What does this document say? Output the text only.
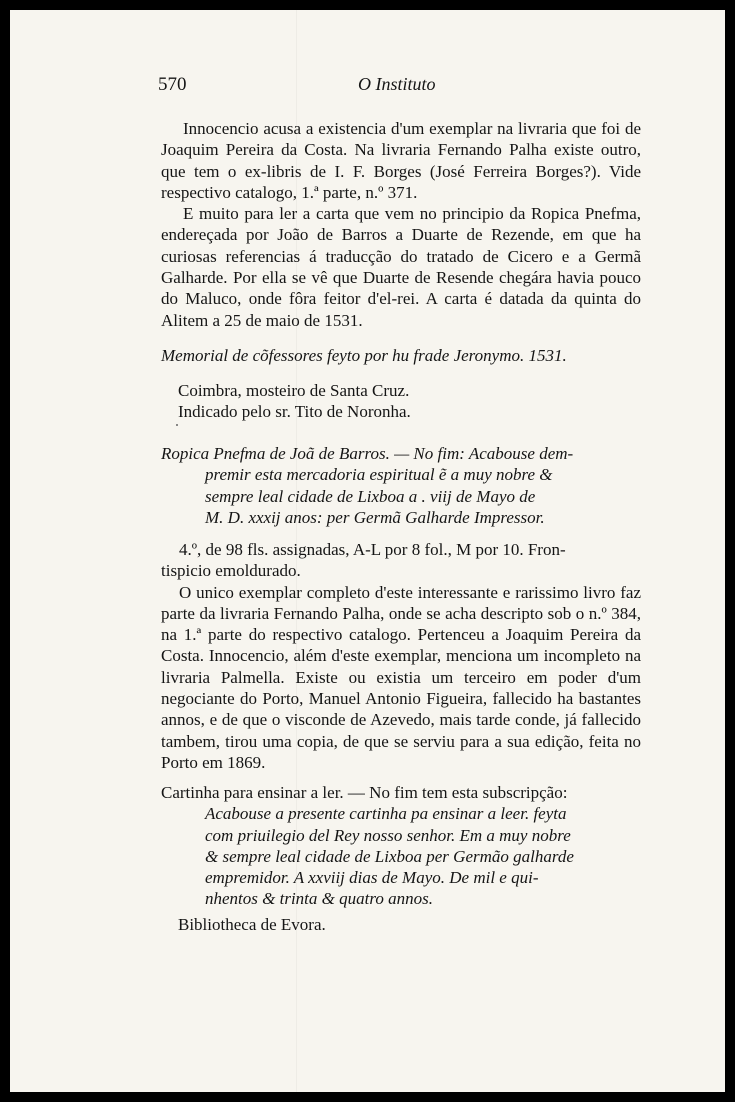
570	O Instituto

Innocencio acusa a existencia d'um exemplar na livraria que foi de Joaquim Pereira da Costa. Na livraria Fernando Palha existe outro, que tem o ex-libris de I. F. Borges (José Ferreira Borges?). Vide respectivo catalogo, 1.ª parte, n.º 371.

E muito para ler a carta que vem no principio da Ropica Pnefma, endereçada por João de Barros a Duarte de Rezende, em que ha curiosas referencias á traducção do tratado de Cicero e a Germã Galharde. Por ella se vê que Duarte de Resende chegára havia pouco do Maluco, onde fôra feitor d'el-rei. A carta é datada da quinta do Alitem a 25 de maio de 1531.

Memorial de cõfessores feyto por hu frade Jeronymo. 1531.
Coimbra, mosteiro de Santa Cruz.
Indicado pelo sr. Tito de Noronha.
Ropica Pnefma de Joã de Barros. — No fim: Acabouse dem-
premir esta mercadoria espiritual ẽ a muy nobre &
sempre leal cidade de Lixboa a . viij de Mayo de
M. D. xxxij anos: per Germã Galharde Impressor.
4.º, de 98 fls. assignadas, A-L por 8 fol., M por 10. Fron-
tispicio emoldurado.

O unico exemplar completo d'este interessante e rarissimo livro faz parte da livraria Fernando Palha, onde se acha descripto sob o n.º 384, na 1.ª parte do respectivo catalogo. Pertenceu a Joaquim Pereira da Costa. Innocencio, além d'este exemplar, menciona um incompleto na livraria Palmella. Existe ou existia um terceiro em poder d'um negociante do Porto, Manuel Antonio Figueira, fallecido ha bastantes annos, e de que o visconde de Azevedo, mais tarde conde, já fallecido tambem, tirou uma copia, de que se serviu para a sua edição, feita no Porto em 1869.

Cartinha para ensinar a ler. — No fim tem esta subscripção:
Acabouse a presente cartinha pa ensinar a leer. feyta
com priuilegio del Rey nosso senhor. Em a muy nobre
& sempre leal cidade de Lixboa per Germão galharde
empremidor. A xxviij dias de Mayo. De mil e qui-
nhentos & trinta & quatro annos.
Bibliotheca de Evora.
